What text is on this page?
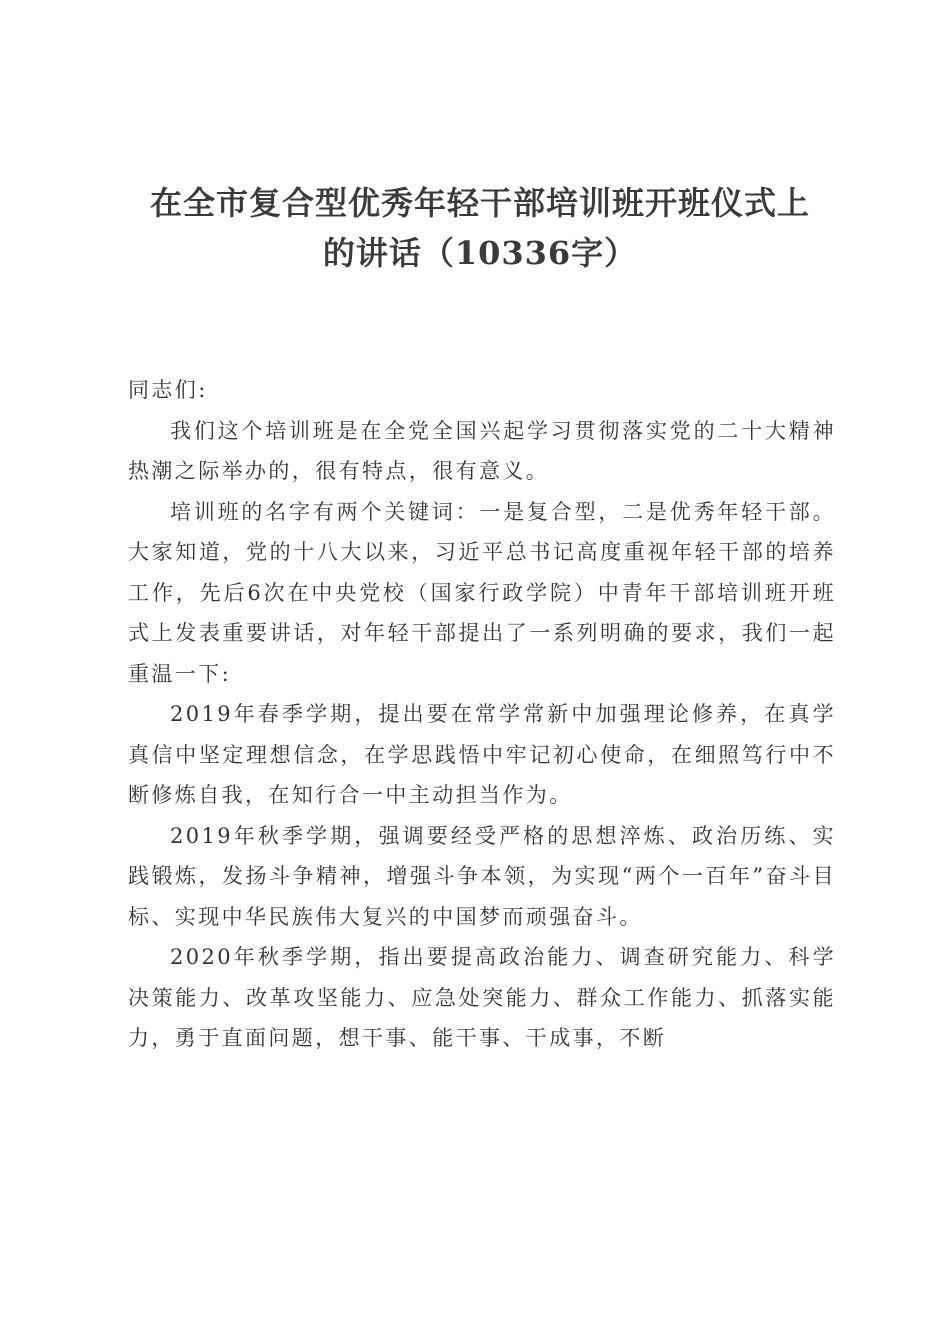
在全市复合型优秀年轻干部培训班开班仪式上
的讲话（10336字）

同志们:

我们这个培训班是在全党全国兴起学习贯彻落实党的二十大精神热潮之际举办的，很有特点，很有意义。

培训班的名字有两个关键词：一是复合型，二是优秀年轻干部。大家知道，党的十八大以来，习近平总书记高度重视年轻干部的培养工作，先后6次在中央党校（国家行政学院）中青年干部培训班开班式上发表重要讲话，对年轻干部提出了一系列明确的要求，我们一起重温一下:

2019年春季学期，提出要在常学常新中加强理论修养，在真学真信中坚定理想信念，在学思践悟中牢记初心使命，在细照笃行中不断修炼自我，在知行合一中主动担当作为。

2019年秋季学期，强调要经受严格的思想淬炼、政治历练、实践锻炼，发扬斗争精神，增强斗争本领，为实现“两个一百年”奋斗目标、实现中华民族伟大复兴的中国梦而顽强奋斗。

2020年秋季学期，指出要提高政治能力、调查研究能力、科学决策能力、改革攻坚能力、应急处突能力、群众工作能力、抓落实能力，勇于直面问题，想干事、能干事、干成事，不断
